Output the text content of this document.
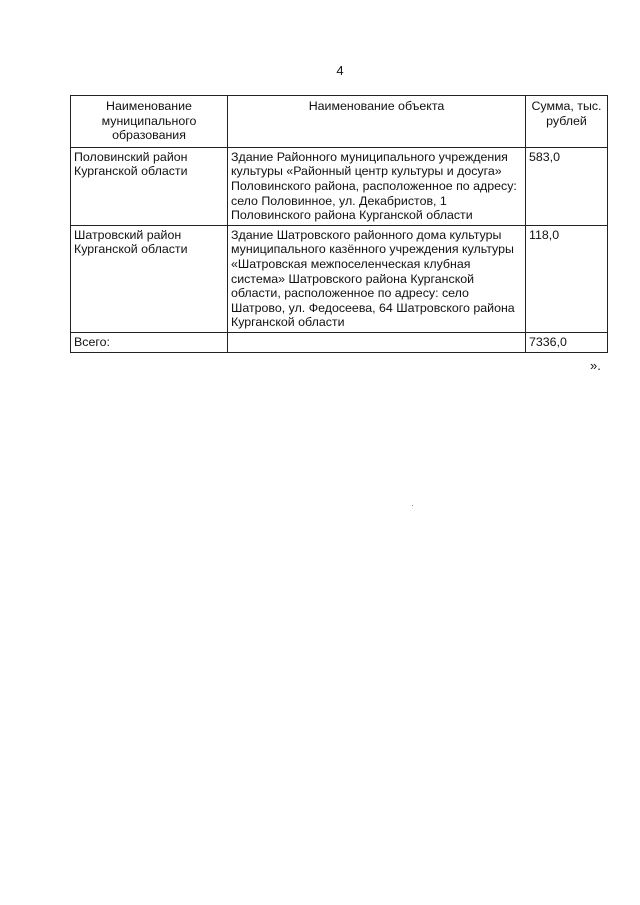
4
Наименование муниципального образования	Наименование объекта	Сумма, тыс. рублей
Половинский район Курганской области	Здание Районного муниципального учреждения культуры «Районный центр культуры и досуга» Половинского района, расположенное по адресу: село Половинное, ул. Декабристов, 1 Половинского района Курганской области	583,0
Шатровский район Курганской области	Здание Шатровского районного дома культуры муниципального казённого учреждения культуры «Шатровская межпоселенческая клубная система» Шатровского района Курганской области, расположенное по адресу: село Шатрово, ул. Федосеева, 64 Шатровского района Курганской области	118,0
Всего:		7336,0
».
